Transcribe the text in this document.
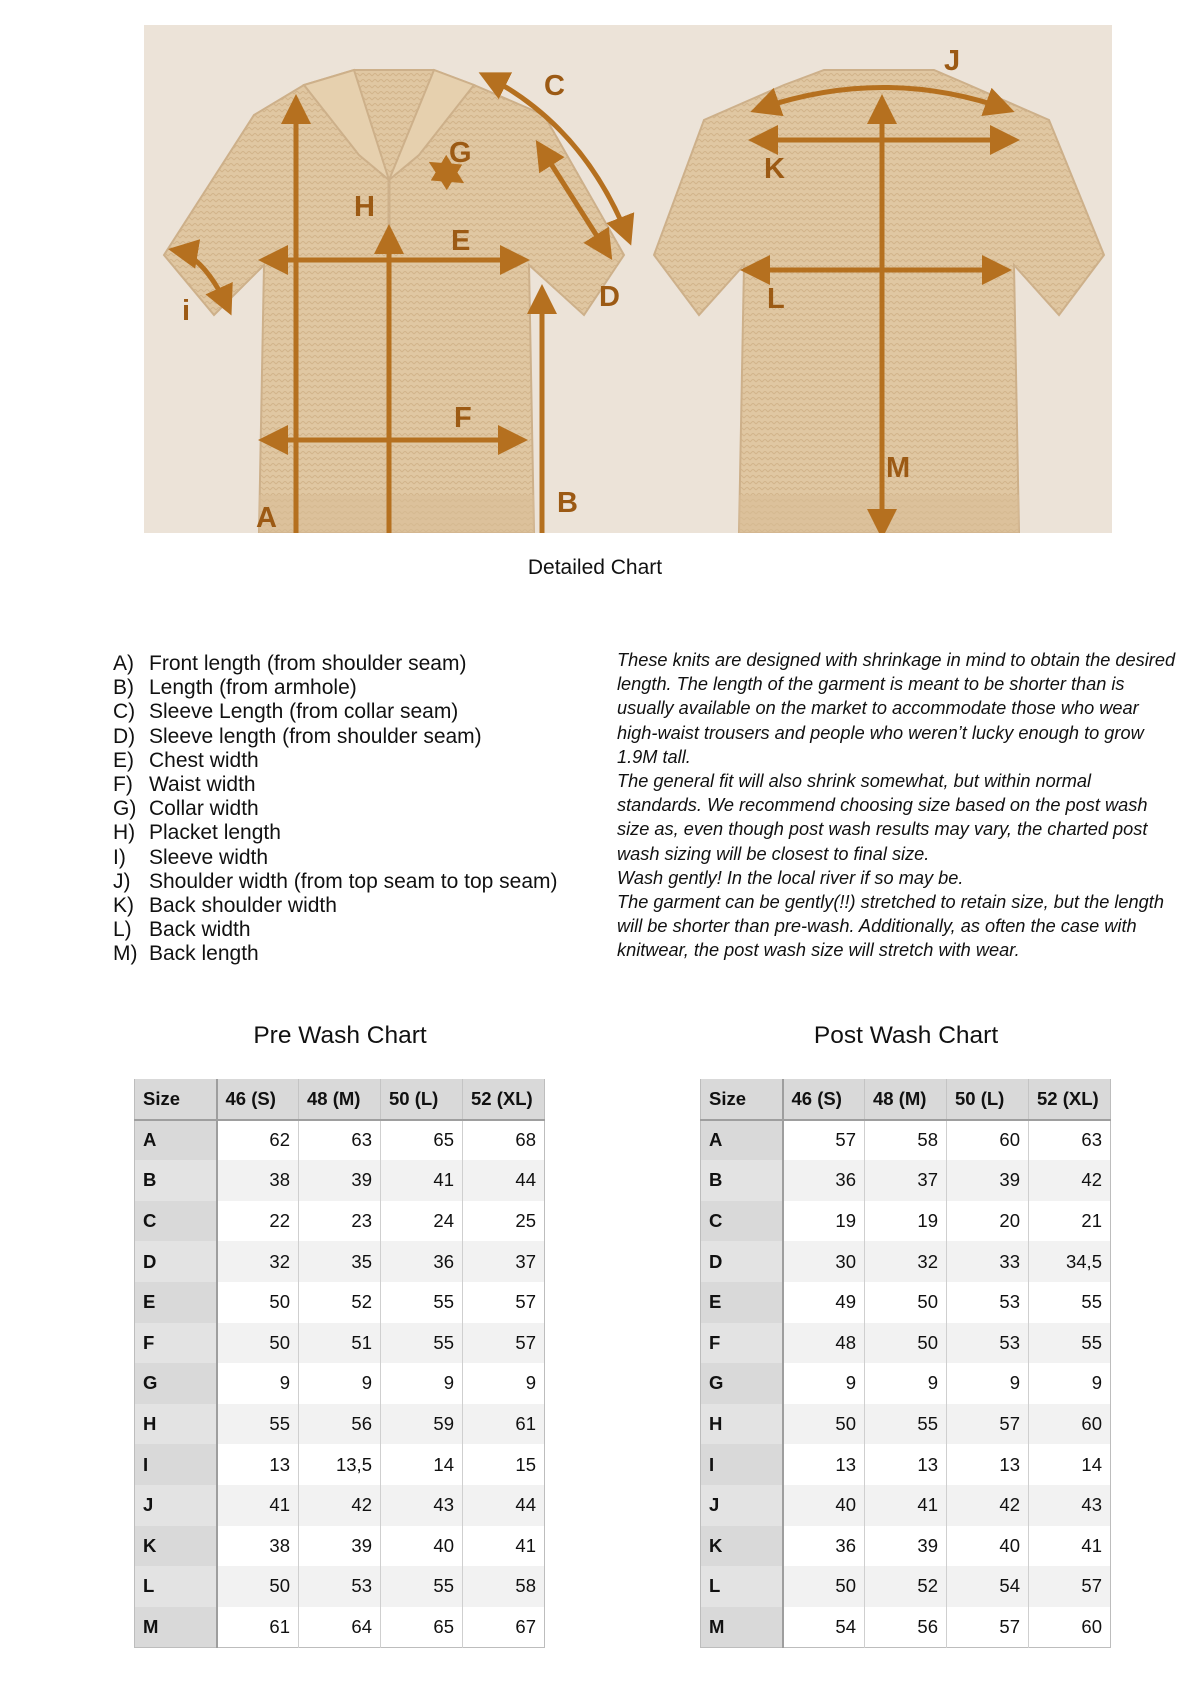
A	B
C
D
E
F
G
H
i
J
K
L
M
Detailed Chart
A) Front length (from shoulder seam)
B) Length (from armhole)
C) Sleeve Length (from collar seam)
D) Sleeve length (from shoulder seam)
E) Chest width
F) Waist width
G) Collar width
H) Placket length
I) Sleeve width
J) Shoulder width (from top seam to top seam)
K) Back shoulder width
L) Back width
M) Back length

These knits are designed with shrinkage in mind to obtain the desired length. The length of the garment is meant to be shorter than is usually available on the market to accommodate those who wear high-waist trousers and people who weren’t lucky enough to grow 1.9M tall.

The general fit will also shrink somewhat, but within normal standards. We recommend choosing size based on the post wash size as, even though post wash results may vary, the charted post wash sizing will be closest to final size.

Wash gently! In the local river if so may be.

The garment can be gently(!!) stretched to retain size, but the length will be shorter than pre-wash. Additionally, as often the case with knitwear, the post wash size will stretch with wear.

Pre Wash Chart	Post Wash Chart
Size	46 (S)	48 (M)	50 (L)	52 (XL)
A	62	63	65	68
B	38	39	41	44
C	22	23	24	25
D	32	35	36	37
E	50	52	55	57
F	50	51	55	57
G	9	9	9	9
H	55	56	59	61
I	13	13,5	14	15
J	41	42	43	44
K	38	39	40	41
L	50	53	55	58
M	61	64	65	67
Size	46 (S)	48 (M)	50 (L)	52 (XL)
A	57	58	60	63
B	36	37	39	42
C	19	19	20	21
D	30	32	33	34,5
E	49	50	53	55
F	48	50	53	55
G	9	9	9	9
H	50	55	57	60
I	13	13	13	14
J	40	41	42	43
K	36	39	40	41
L	50	52	54	57
M	54	56	57	60
